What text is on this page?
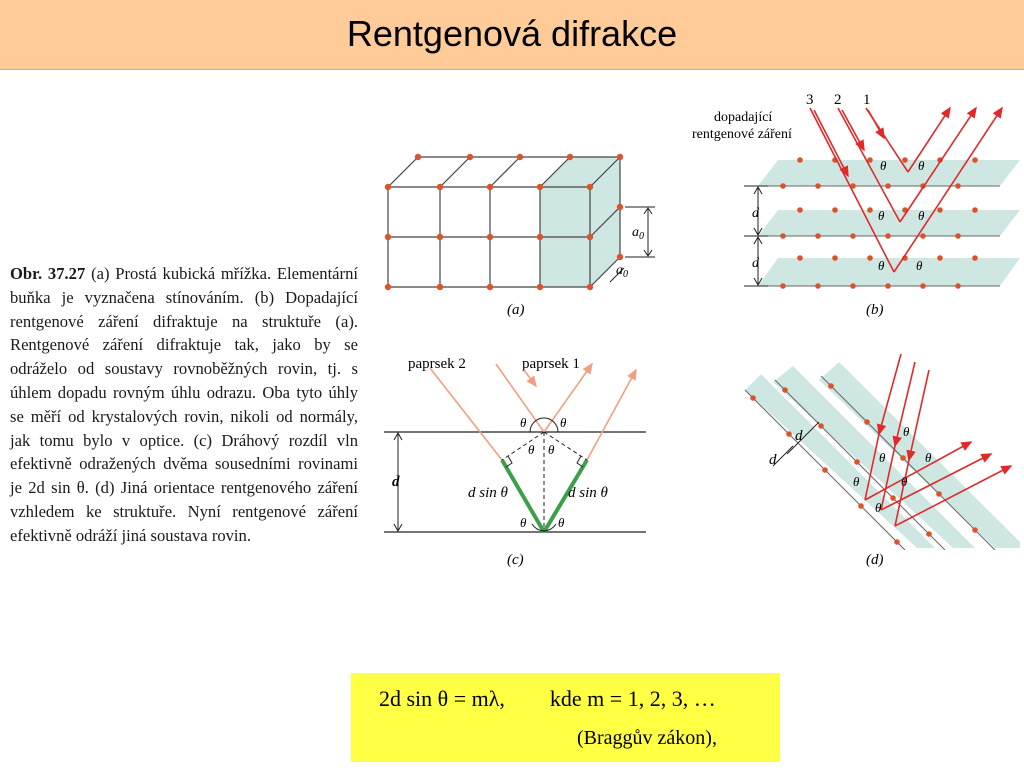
Rentgenová difrakce
Obr. 37.27 (a) Prostá kubická mřížka. Elementární buňka je vyznačena stínováním. (b) Dopadající rentgenové záření difraktuje na struktuře (a). Rentgenové záření difraktuje tak, jako by se odráželo od soustavy rovnoběžných rovin, tj. s úhlem dopadu rovným úhlu odrazu. Oba tyto úhly se měří od krystalových rovin, nikoli od normály, jak tomu bylo v optice. (c) Dráhový rozdíl vln efektivně odražených dvěma sousedními rovinami je 2d sin θ. (d) Jiná orientace rentgenového záření vzhledem ke struktuře. Nyní rentgenové záření efektivně odráží jiná soustava rovin.
$a_0$
$a_0$
(a)
3 2 1
dopadající
rentgenové záření
θ θ
θ	θ
θ θ
d
d
(b)
paprsek 2	paprsek 1
θ	θ
θ θ
θ θ
d sin θ	d sin θ
d
(c)
d
d
θ
θ	θ
θ	θ
θ
(d)
2d sin θ = mλ, kde m = 1, 2, 3, …
(Braggův zákon),
